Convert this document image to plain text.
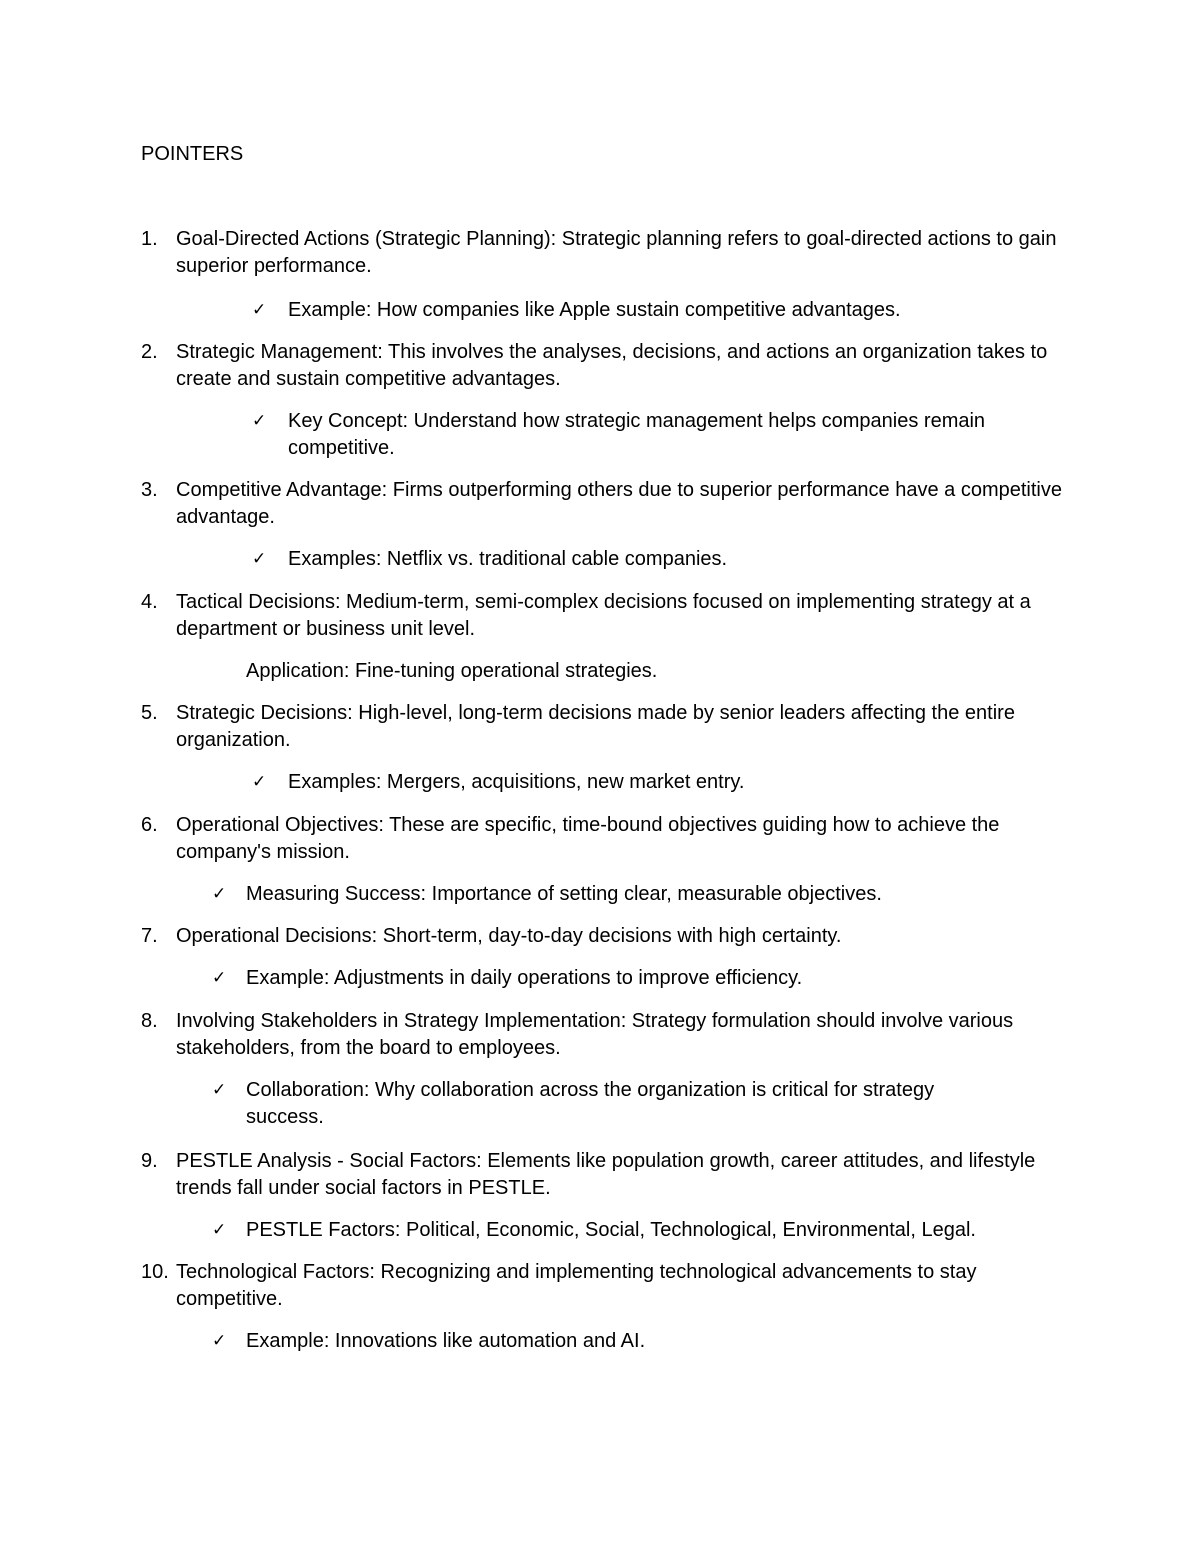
POINTERS
1. Goal-Directed Actions (Strategic Planning): Strategic planning refers to goal-directed actions to gain superior performance.
✓ Example: How companies like Apple sustain competitive advantages.
2. Strategic Management: This involves the analyses, decisions, and actions an organization takes to create and sustain competitive advantages.
✓ Key Concept: Understand how strategic management helps companies remain competitive.
3. Competitive Advantage: Firms outperforming others due to superior performance have a competitive advantage.
✓ Examples: Netflix vs. traditional cable companies.
4. Tactical Decisions: Medium-term, semi-complex decisions focused on implementing strategy at a department or business unit level.
Application: Fine-tuning operational strategies.
5. Strategic Decisions: High-level, long-term decisions made by senior leaders affecting the entire organization.
✓ Examples: Mergers, acquisitions, new market entry.
6. Operational Objectives: These are specific, time-bound objectives guiding how to achieve the company's mission.
✓ Measuring Success: Importance of setting clear, measurable objectives.
7. Operational Decisions: Short-term, day-to-day decisions with high certainty.
✓ Example: Adjustments in daily operations to improve efficiency.
8. Involving Stakeholders in Strategy Implementation: Strategy formulation should involve various stakeholders, from the board to employees.
✓ Collaboration: Why collaboration across the organization is critical for strategy success.
9. PESTLE Analysis - Social Factors: Elements like population growth, career attitudes, and lifestyle trends fall under social factors in PESTLE.
✓ PESTLE Factors: Political, Economic, Social, Technological, Environmental, Legal.
10. Technological Factors: Recognizing and implementing technological advancements to stay competitive.
✓ Example: Innovations like automation and AI.
